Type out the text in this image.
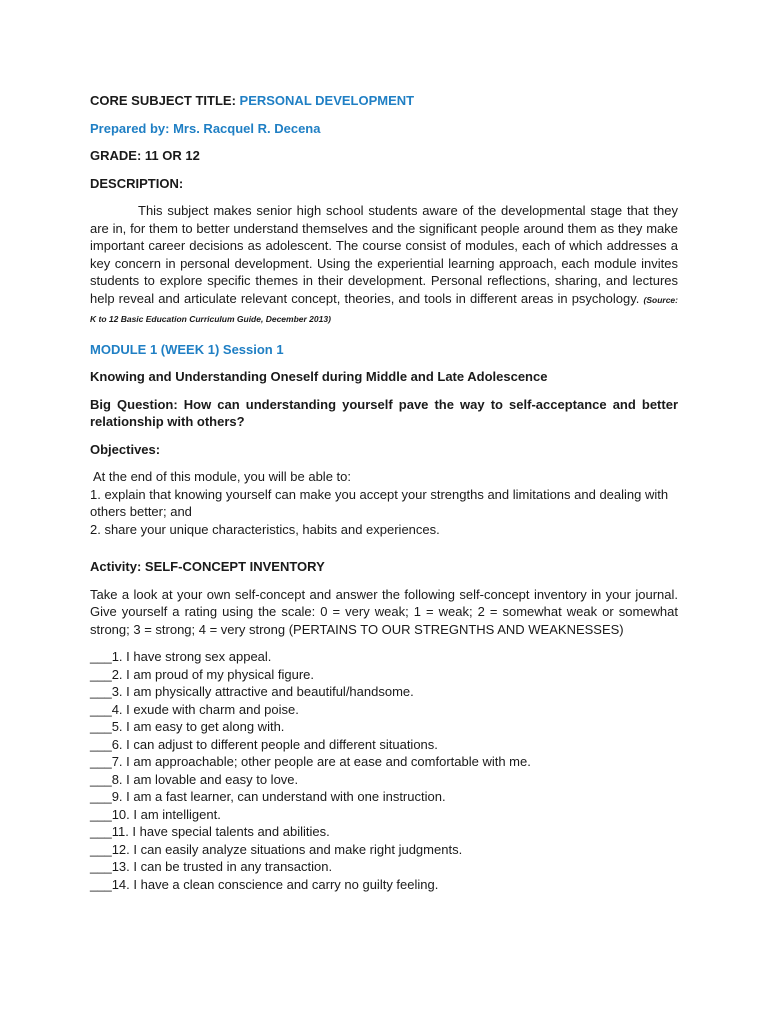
CORE SUBJECT TITLE: PERSONAL DEVELOPMENT

Prepared by: Mrs. Racquel R. Decena

GRADE: 11 OR 12

DESCRIPTION:

This subject makes senior high school students aware of the developmental stage that they are in, for them to better understand themselves and the significant people around them as they make important career decisions as adolescent. The course consist of modules, each of which addresses a key concern in personal development. Using the experiential learning approach, each module invites students to explore specific themes in their development. Personal reflections, sharing, and lectures help reveal and articulate relevant concept, theories, and tools in different areas in psychology. (Source: K to 12 Basic Education Curriculum Guide, December 2013)

MODULE 1 (WEEK 1) Session 1

Knowing and Understanding Oneself during Middle and Late Adolescence

Big Question: How can understanding yourself pave the way to self-acceptance and better relationship with others?

Objectives:

At the end of this module, you will be able to:
1. explain that knowing yourself can make you accept your strengths and limitations and dealing with others better; and
2. share your unique characteristics, habits and experiences.

Activity: SELF-CONCEPT INVENTORY

Take a look at your own self-concept and answer the following self-concept inventory in your journal. Give yourself a rating using the scale: 0 = very weak; 1 = weak; 2 = somewhat weak or somewhat strong; 3 = strong; 4 = very strong (PERTAINS TO OUR STREGNTHS AND WEAKNESSES)

___1. I have strong sex appeal.
___2. I am proud of my physical figure.
___3. I am physically attractive and beautiful/handsome.
___4. I exude with charm and poise.
___5. I am easy to get along with.
___6. I can adjust to different people and different situations.
___7. I am approachable; other people are at ease and comfortable with me.
___8. I am lovable and easy to love.
___9. I am a fast learner, can understand with one instruction.
___10. I am intelligent.
___11. I have special talents and abilities.
___12. I can easily analyze situations and make right judgments.
___13. I can be trusted in any transaction.
___14. I have a clean conscience and carry no guilty feeling.
